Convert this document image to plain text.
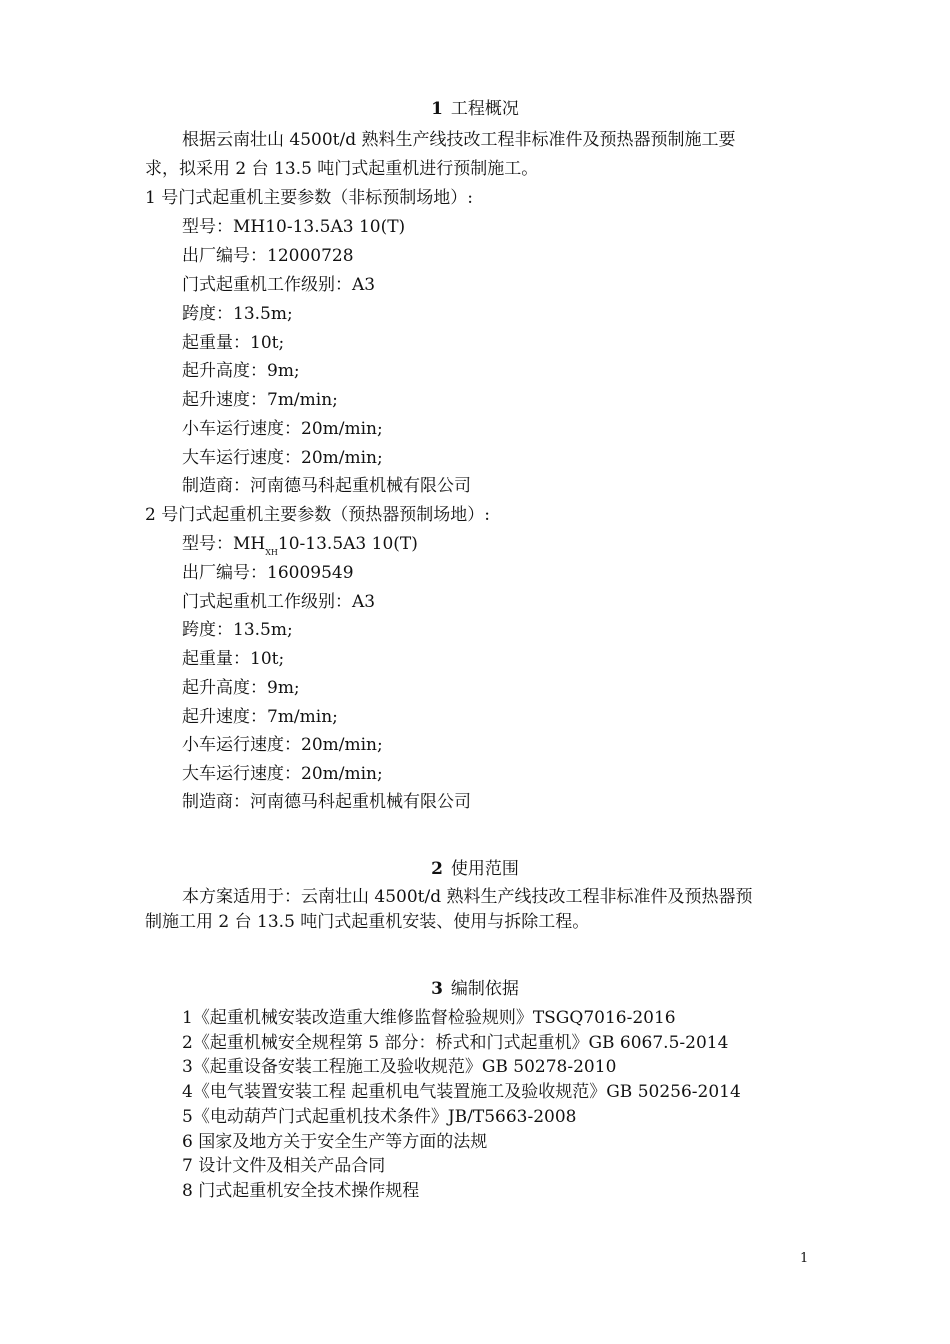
1 工程概况
根据云南壮山 4500t/d 熟料生产线技改工程非标准件及预热器预制施工要
求，拟采用 2 台 13.5 吨门式起重机进行预制施工。
1 号门式起重机主要参数（非标预制场地）:
型号：MH10-13.5A3 10(T)
出厂编号：12000728
门式起重机工作级别：A3
跨度：13.5m;
起重量：10t;
起升高度：9m;
起升速度：7m/min;
小车运行速度：20m/min;
大车运行速度：20m/min;
制造商：河南德马科起重机械有限公司
2 号门式起重机主要参数（预热器预制场地）:
型号：$MH_{XH}10-13.5A3$ 10(T)
出厂编号：16009549
门式起重机工作级别：A3
跨度：13.5m;
起重量：10t;
起升高度：9m;
起升速度：7m/min;
小车运行速度：20m/min;
大车运行速度：20m/min;
制造商：河南德马科起重机械有限公司
2 使用范围
本方案适用于：云南壮山 4500t/d 熟料生产线技改工程非标准件及预热器预
制施工用 2 台 13.5 吨门式起重机安装、使用与拆除工程。
3 编制依据
1《起重机械安装改造重大维修监督检验规则》TSGQ7016-2016
2《起重机械安全规程第 5 部分：桥式和门式起重机》GB 6067.5-2014
3《起重设备安装工程施工及验收规范》GB 50278-2010
4《电气装置安装工程 起重机电气装置施工及验收规范》GB 50256-2014
5《电动葫芦门式起重机技术条件》JB/T5663-2008
6 国家及地方关于安全生产等方面的法规
7 设计文件及相关产品合同
8 门式起重机安全技术操作规程
1
